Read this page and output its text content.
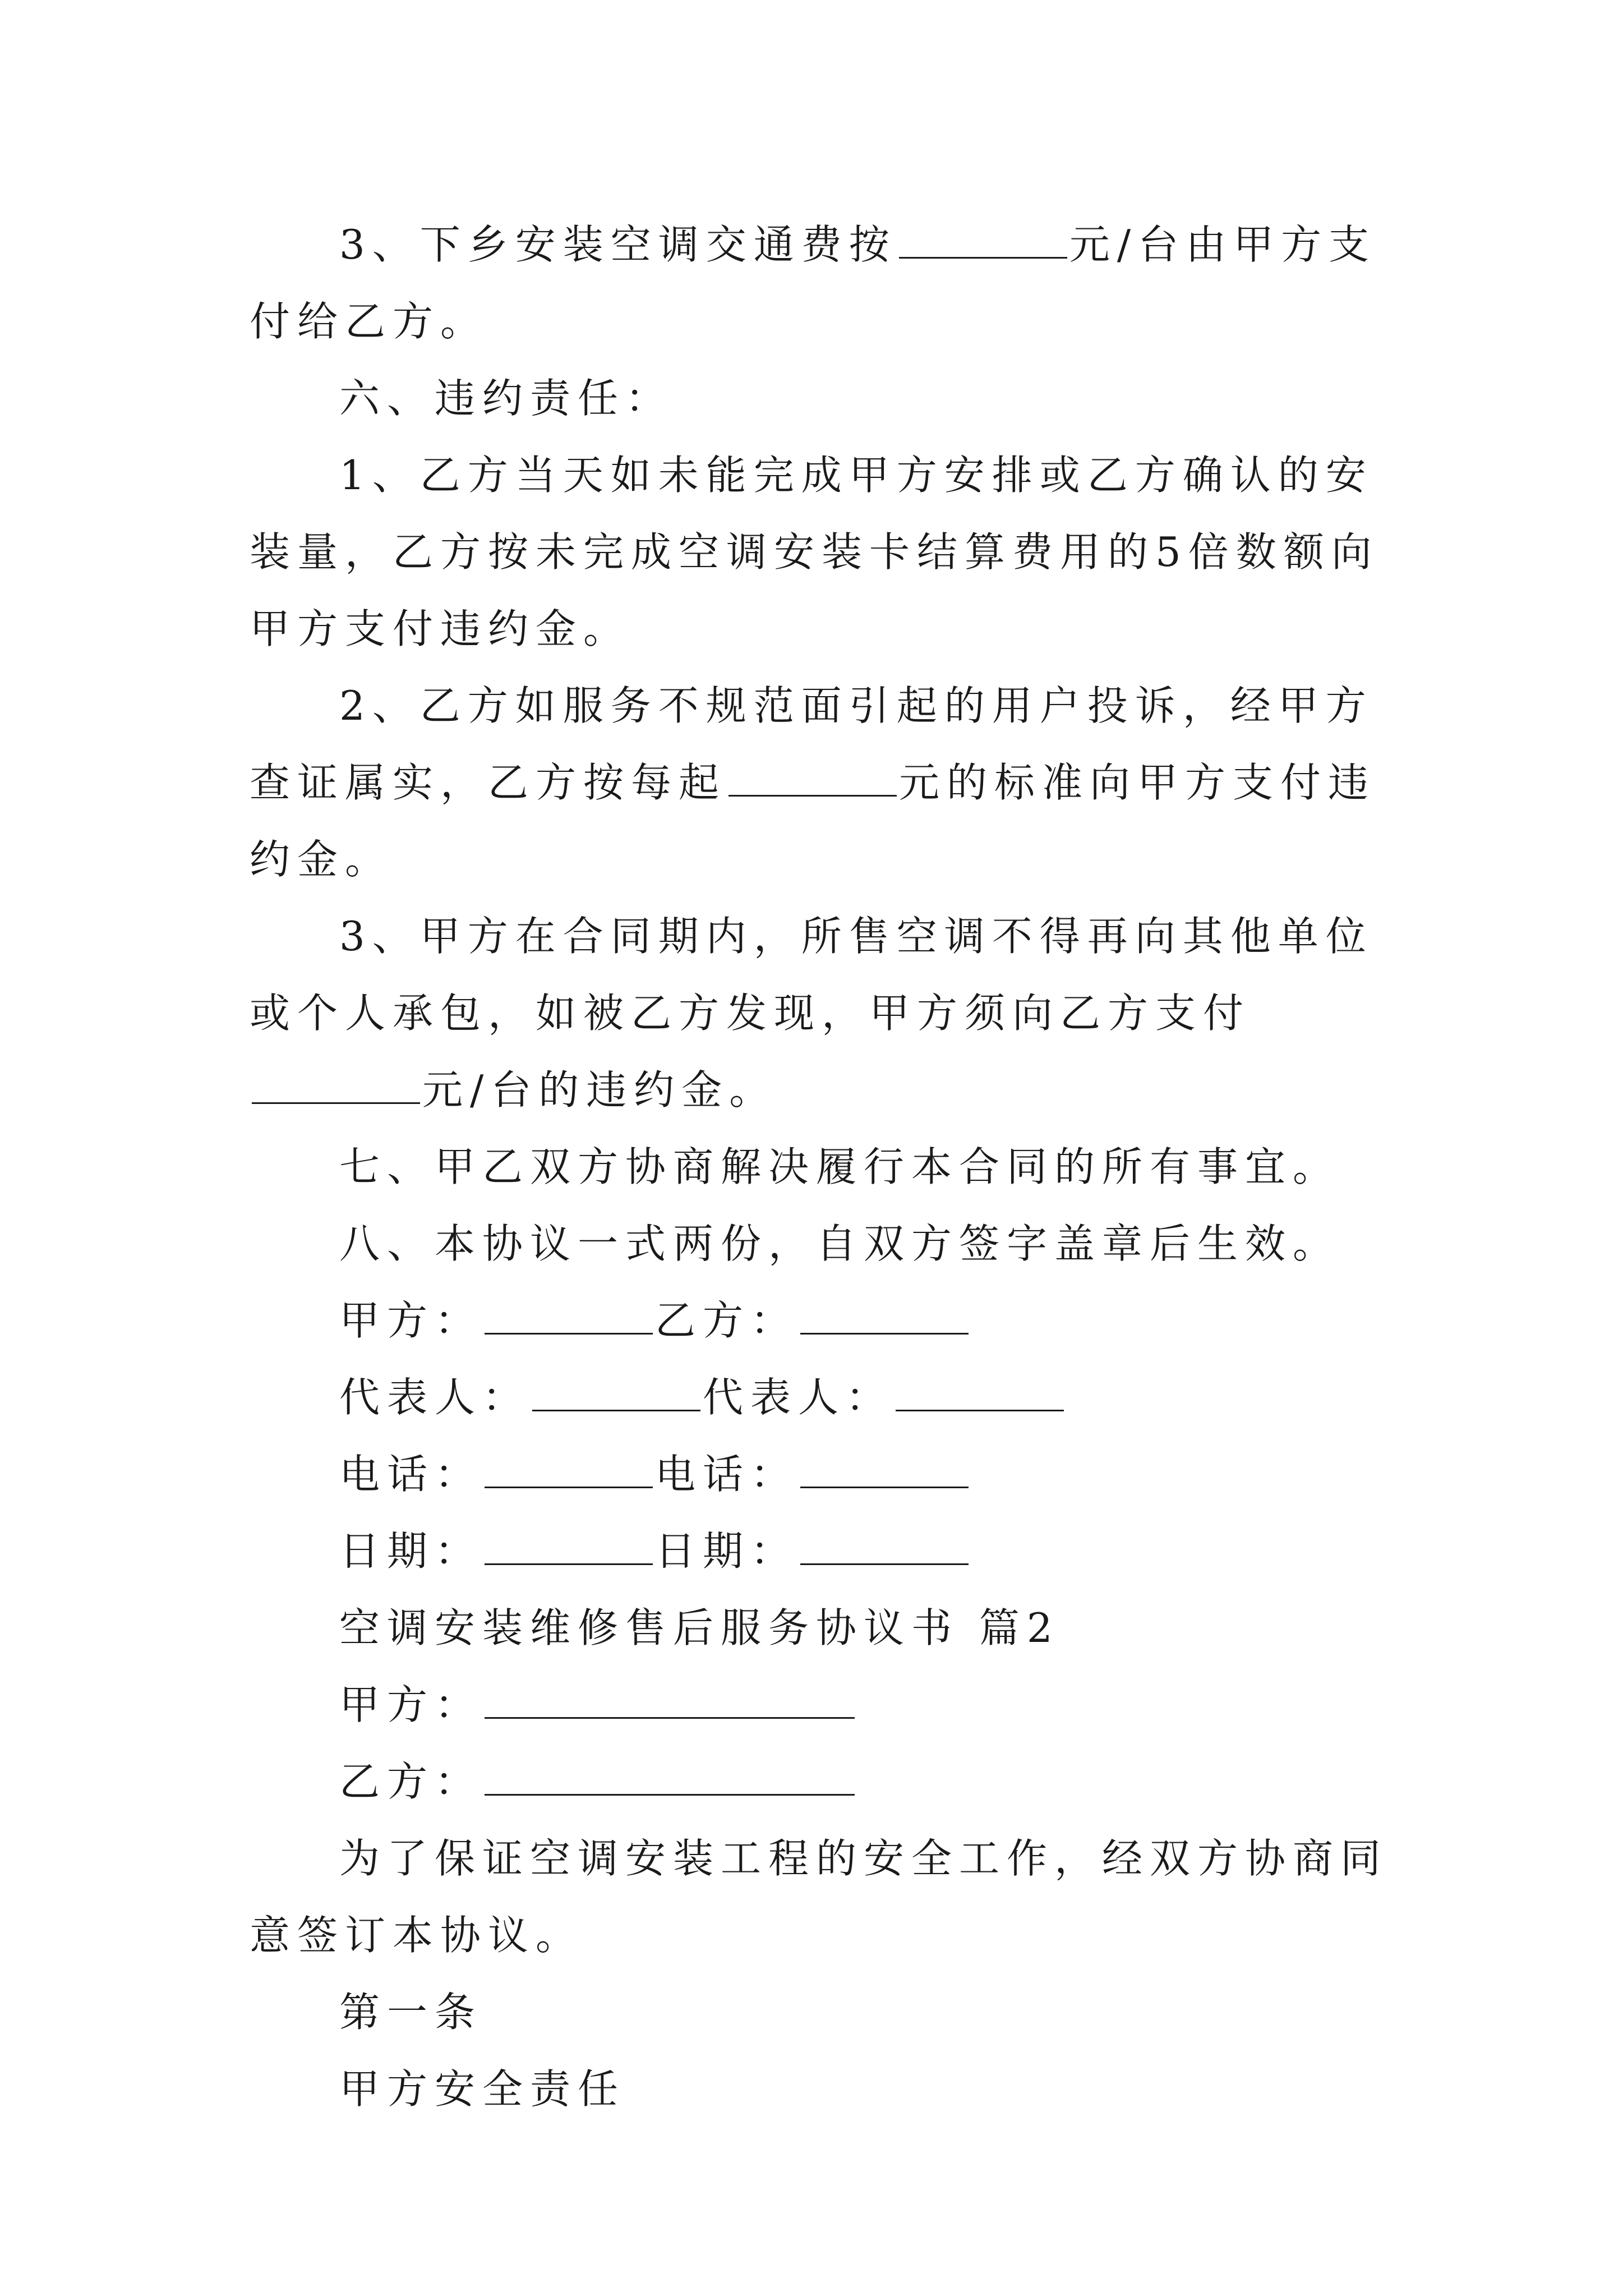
3、下乡安装空调交通费按	元/台由甲方支付给乙方。

六、违约责任：

1、乙方当天如未能完成甲方安排或乙方确认的安装量，乙方按未完成空调安装卡结算费用的5倍数额向甲方支付违约金。

2、乙方如服务不规范面引起的用户投诉，经甲方查证属实，乙方按每起	元的标准向甲方支付违约金。

3、甲方在合同期内，所售空调不得再向其他单位或个人承包，如被乙方发现，甲方须向乙方支付元/台的违约金。

七、甲乙双方协商解决履行本合同的所有事宜。

八、本协议一式两份，自双方签字盖章后生效。

甲方：	乙方：
代表人：	代表人：
电话：	电话：
日期：	日期：
空调安装维修售后服务协议书 篇2
甲方：
乙方：

为了保证空调安装工程的安全工作，经双方协商同意签订本协议。

第一条
甲方安全责任
